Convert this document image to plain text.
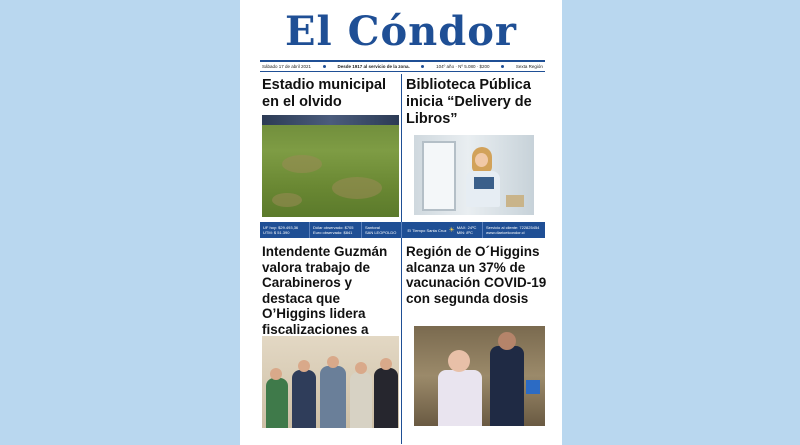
El Cóndor
Sábado 17 de abril 2021	Desde 1917 al servicio de la zona.	104º año · Nº 5.080 · $200	Sexta Región
Estadio municipal en el olvido
Biblioteca Pública inicia “Delivery de Libros”
UF hoy: $29.493,36
UTM: $ 51.390
Dólar observado: $705
Euro observado: $841
Santoral
SAN LEOPOLDO	El Tiempo Santa Cruz ☀ MAX: 24ºC
MIN: 8ºC
Servicio al cliente: 722825454
www.diarioelcondor.cl
Intendente Guzmán valora trabajo de Carabineros y destaca que O’Higgins lidera fiscalizaciones a
Región de O´Higgins alcanza un 37% de vacunación COVID-19 con segunda dosis
